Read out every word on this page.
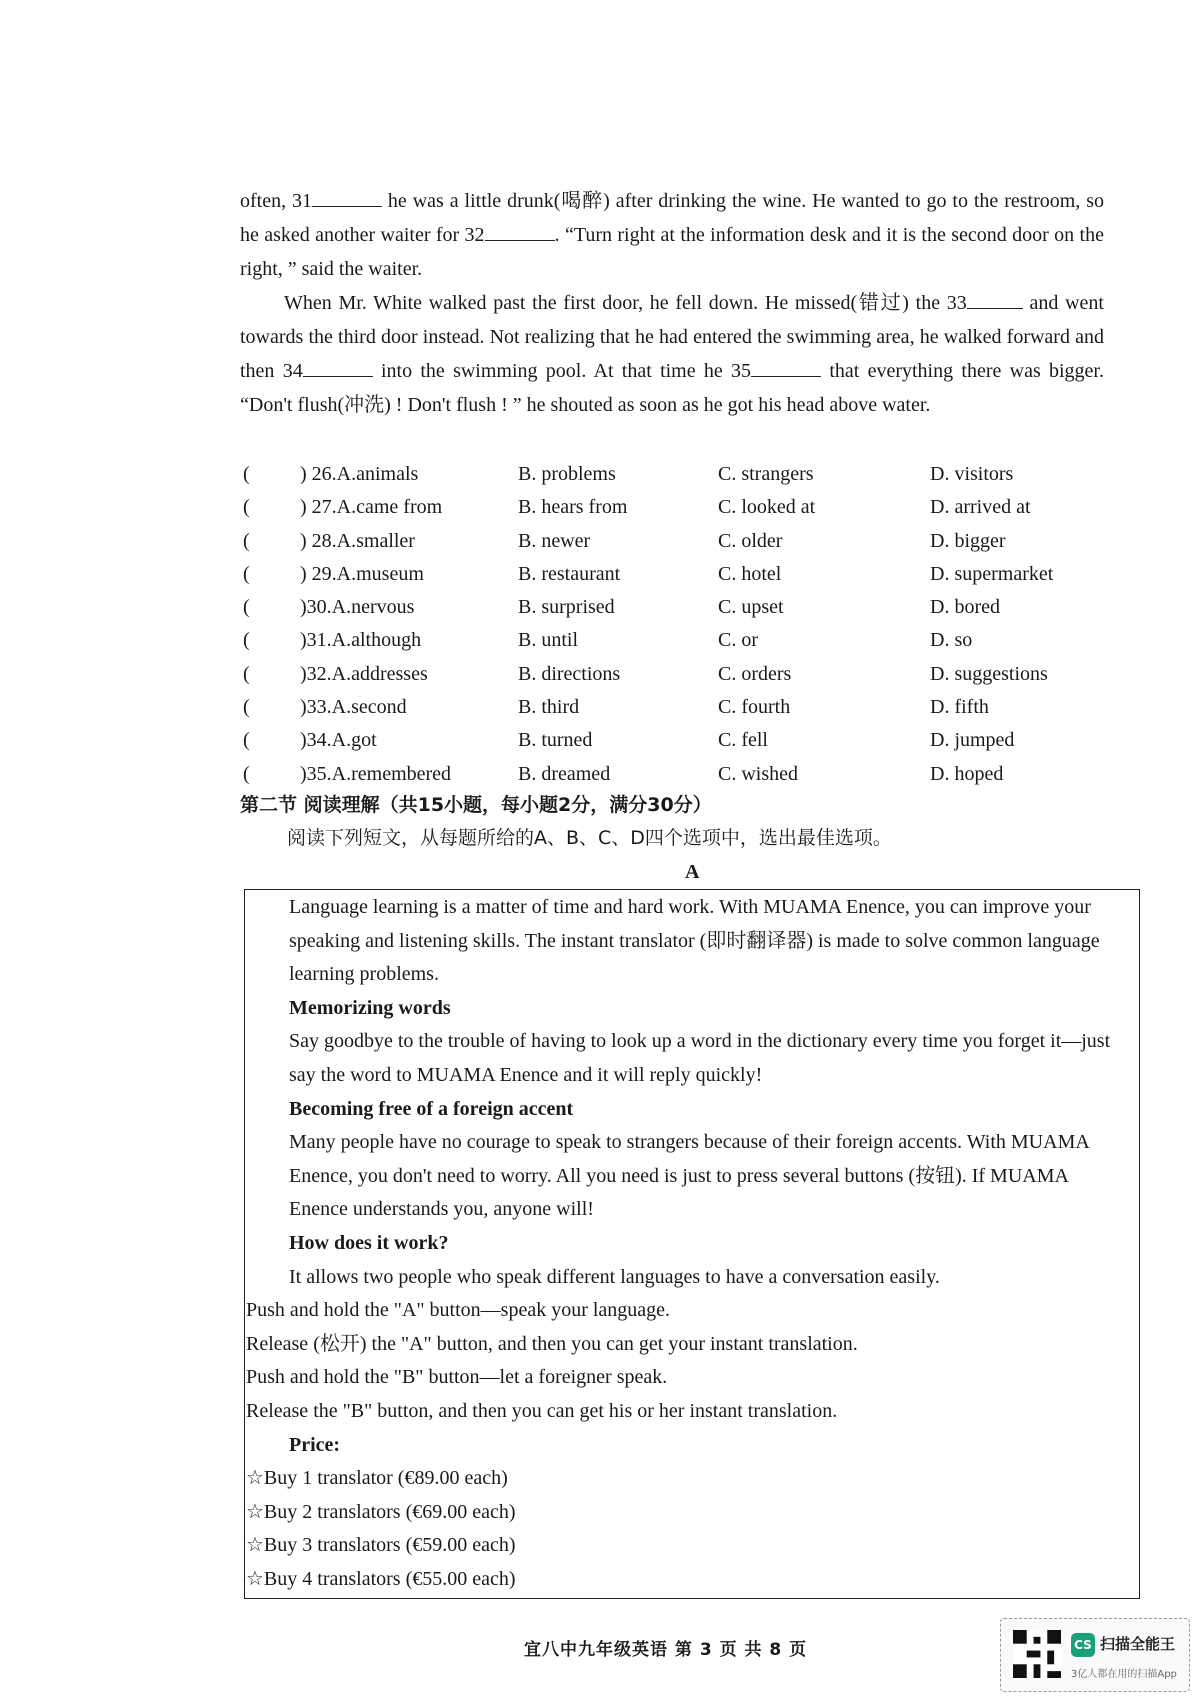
often, 31	he was a little drunk(喝醉) after drinking the wine. He wanted to go to the restroom, so he asked another waiter for 32	. “Turn right at the information desk and it is the second door on the right, ” said the waiter.

When Mr. White walked past the first door, he fell down. He missed(错过) the 33	and went towards the third door instead. Not realizing that he had entered the swimming area, he walked forward and then 34	into the swimming pool. At that time he 35	that everything there was bigger. “Don't flush(冲洗) ! Don't flush ! ” he shouted as soon as he got his head above water.

(	) 26.A.animals	B. problems	C. strangers	D. visitors
(	) 27.A.came from	B. hears from	C. looked at	D. arrived at
(	) 28.A.smaller	B. newer	C. older	D. bigger
(	) 29.A.museum	B. restaurant	C. hotel	D. supermarket
(	)30.A.nervous	B. surprised	C. upset	D. bored
(	)31.A.although	B. until	C. or	D. so
(	)32.A.addresses	B. directions	C. orders	D. suggestions
(	)33.A.second	B. third	C. fourth	D. fifth
(	)34.A.got	B. turned	C. fell	D. jumped
(	)35.A.remembered	B. dreamed	C. wished	D. hoped
第二节 阅读理解（共15小题，每小题2分，满分30分）
阅读下列短文，从每题所给的A、B、C、D四个选项中，选出最佳选项。
A

Language learning is a matter of time and hard work. With MUAMA Enence, you can improve your speaking and listening skills. The instant translator (即时翻译器) is made to solve common language learning problems.

Memorizing words

Say goodbye to the trouble of having to look up a word in the dictionary every time you forget it—just say the word to MUAMA Enence and it will reply quickly!

Becoming free of a foreign accent

Many people have no courage to speak to strangers because of their foreign accents. With MUAMA Enence, you don't need to worry. All you need is just to press several buttons (按钮). If MUAMA Enence understands you, anyone will!

How does it work?

It allows two people who speak different languages to have a conversation easily.

Push and hold the "A" button—speak your language.

Release (松开) the "A" button, and then you can get your instant translation.

Push and hold the "B" button—let a foreigner speak.

Release the "B" button, and then you can get his or her instant translation.

Price:

☆Buy 1 translator (€89.00 each)

☆Buy 2 translators (€69.00 each)

☆Buy 3 translators (€59.00 each)

☆Buy 4 translators (€55.00 each)

宜八中九年级英语 第 3 页 共 8 页	CS 扫描全能王
3亿人都在用的扫描App
